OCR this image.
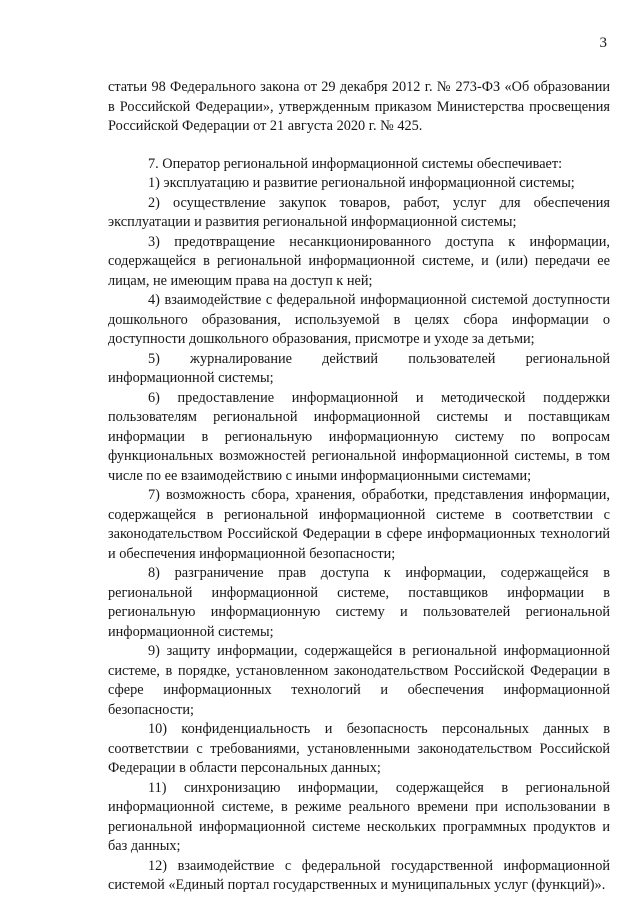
3

статьи 98 Федерального закона от 29 декабря 2012 г. № 273-ФЗ «Об образовании в Российской Федерации», утвержденным приказом Министерства просвещения Российской Федерации от 21 августа 2020 г. № 425.

7. Оператор региональной информационной системы обеспечивает:

1) эксплуатацию и развитие региональной информационной системы;

2) осуществление закупок товаров, работ, услуг для обеспечения эксплуатации и развития региональной информационной системы;

3) предотвращение несанкционированного доступа к информации, содержащейся в региональной информационной системе, и (или) передачи ее лицам, не имеющим права на доступ к ней;

4) взаимодействие с федеральной информационной системой доступности дошкольного образования, используемой в целях сбора информации о доступности дошкольного образования, присмотре и уходе за детьми;

5) журналирование действий пользователей региональной информационной системы;

6) предоставление информационной и методической поддержки пользователям региональной информационной системы и поставщикам информации в региональную информационную систему по вопросам функциональных возможностей региональной информационной системы, в том числе по ее взаимодействию с иными информационными системами;

7) возможность сбора, хранения, обработки, представления информации, содержащейся в региональной информационной системе в соответствии с законодательством Российской Федерации в сфере информационных технологий и обеспечения информационной безопасности;

8) разграничение прав доступа к информации, содержащейся в региональной информационной системе, поставщиков информации в региональную информационную систему и пользователей региональной информационной системы;

9) защиту информации, содержащейся в региональной информационной системе, в порядке, установленном законодательством Российской Федерации в сфере информационных технологий и обеспечения информационной безопасности;

10) конфиденциальность и безопасность персональных данных в соответствии с требованиями, установленными законодательством Российской Федерации в области персональных данных;

11) синхронизацию информации, содержащейся в региональной информационной системе, в режиме реального времени при использовании в региональной информационной системе нескольких программных продуктов и баз данных;

12) взаимодействие с федеральной государственной информационной системой «Единый портал государственных и муниципальных услуг (функций)».
